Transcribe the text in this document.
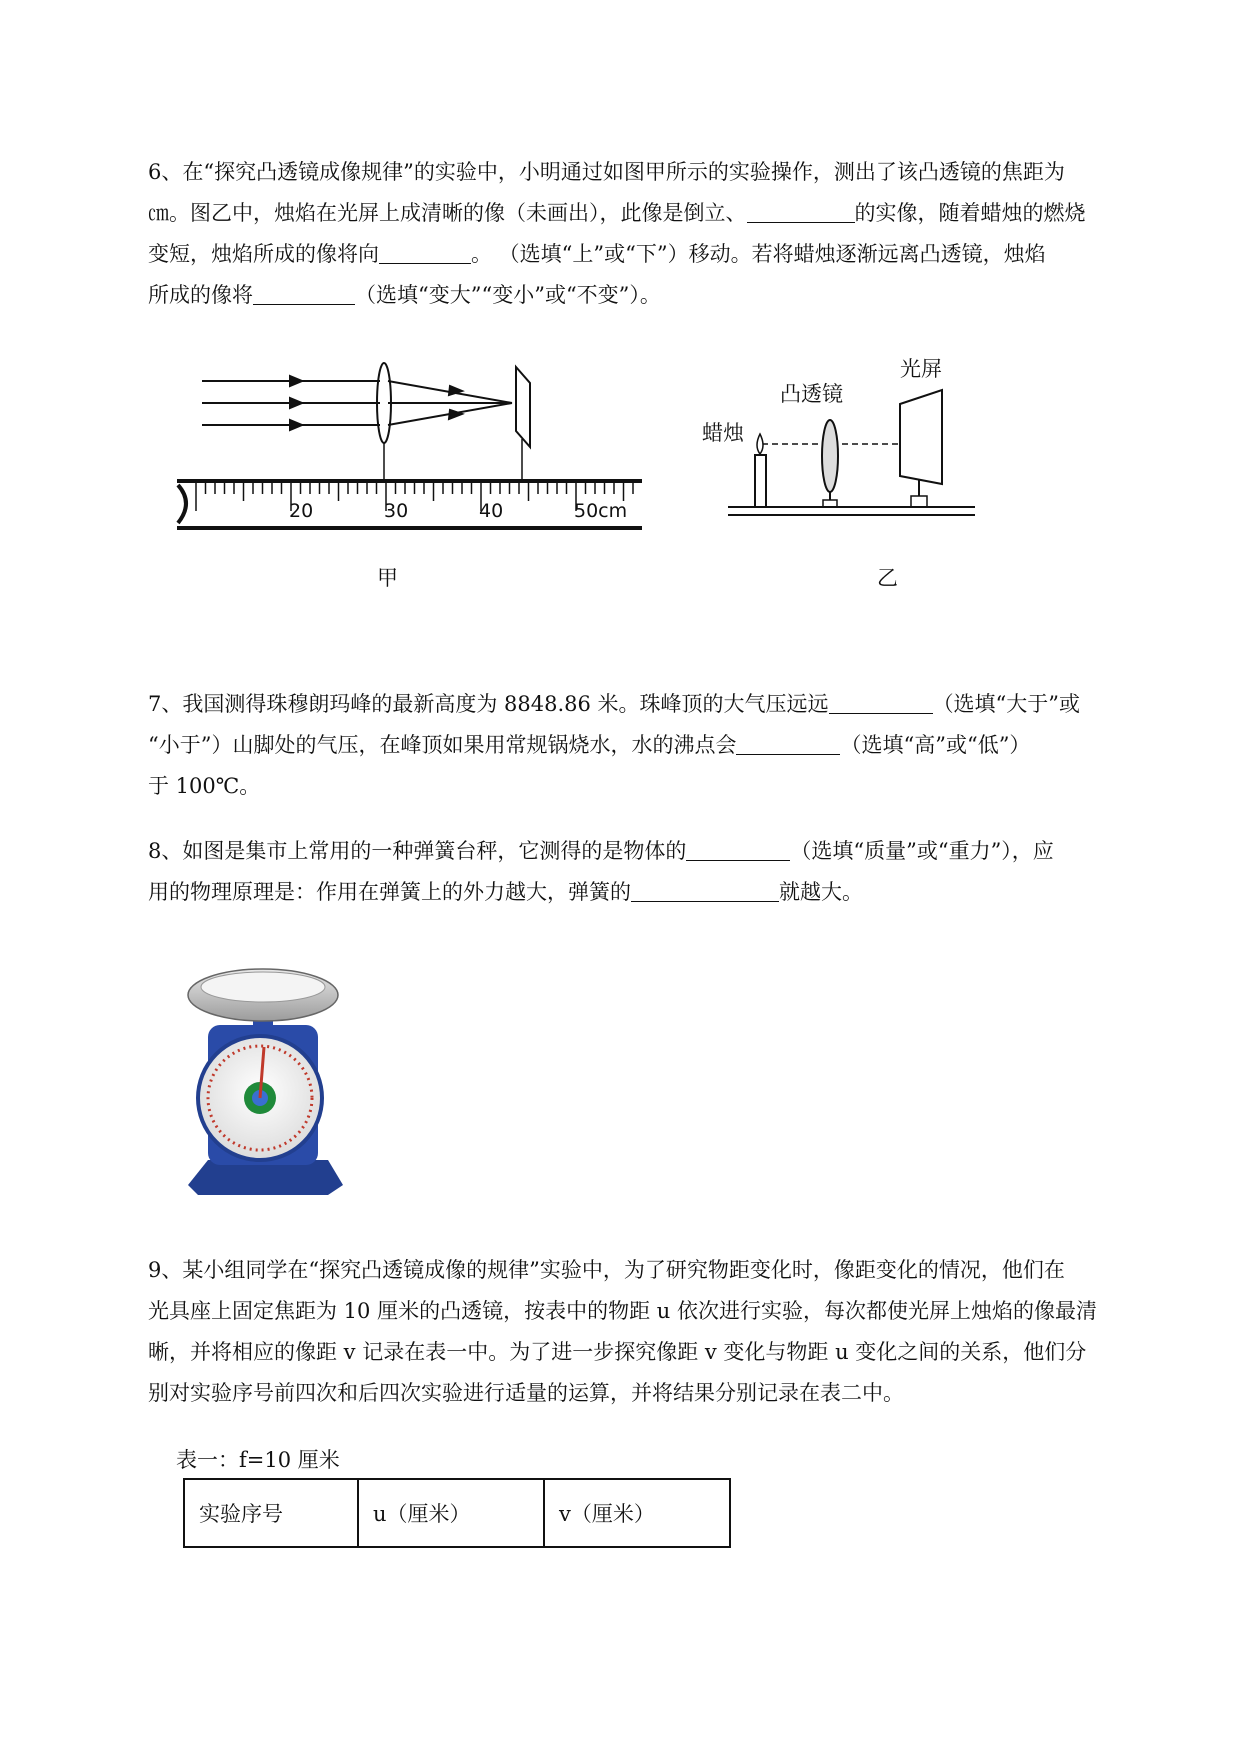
6、在“探究凸透镜成像规律”的实验中，小明通过如图甲所示的实验操作，测出了该凸透镜的焦距为
㎝。图乙中，烛焰在光屏上成清晰的像（未画出），此像是倒立、	的实像，随着蜡烛的燃烧
变短，烛焰所成的像将向	。 （选填“上”或“下”）移动。若将蜡烛逐渐远离凸透镜，烛焰
所成的像将	（选填“变大”“变小”或“不变”）。
20	30	40	50cm
甲
光屏
凸透镜
蜡烛
乙
7、我国测得珠穆朗玛峰的最新高度为 8848.86 米。珠峰顶的大气压远远	（选填“大于”或
“小于”）山脚处的气压，在峰顶如果用常规锅烧水，水的沸点会	（选填“高”或“低”）
于 100℃。
8、如图是集市上常用的一种弹簧台秤，它测得的是物体的	（选填“质量”或“重力”），应
用的物理原理是：作用在弹簧上的外力越大，弹簧的	就越大。
9、某小组同学在“探究凸透镜成像的规律”实验中，为了研究物距变化时，像距变化的情况，他们在
光具座上固定焦距为 10 厘米的凸透镜，按表中的物距 u 依次进行实验，每次都使光屏上烛焰的像最清
晰，并将相应的像距 v 记录在表一中。为了进一步探究像距 v 变化与物距 u 变化之间的关系，他们分
别对实验序号前四次和后四次实验进行适量的运算，并将结果分别记录在表二中。
表一：f=10 厘米
实验序号	u（厘米）	v（厘米）
